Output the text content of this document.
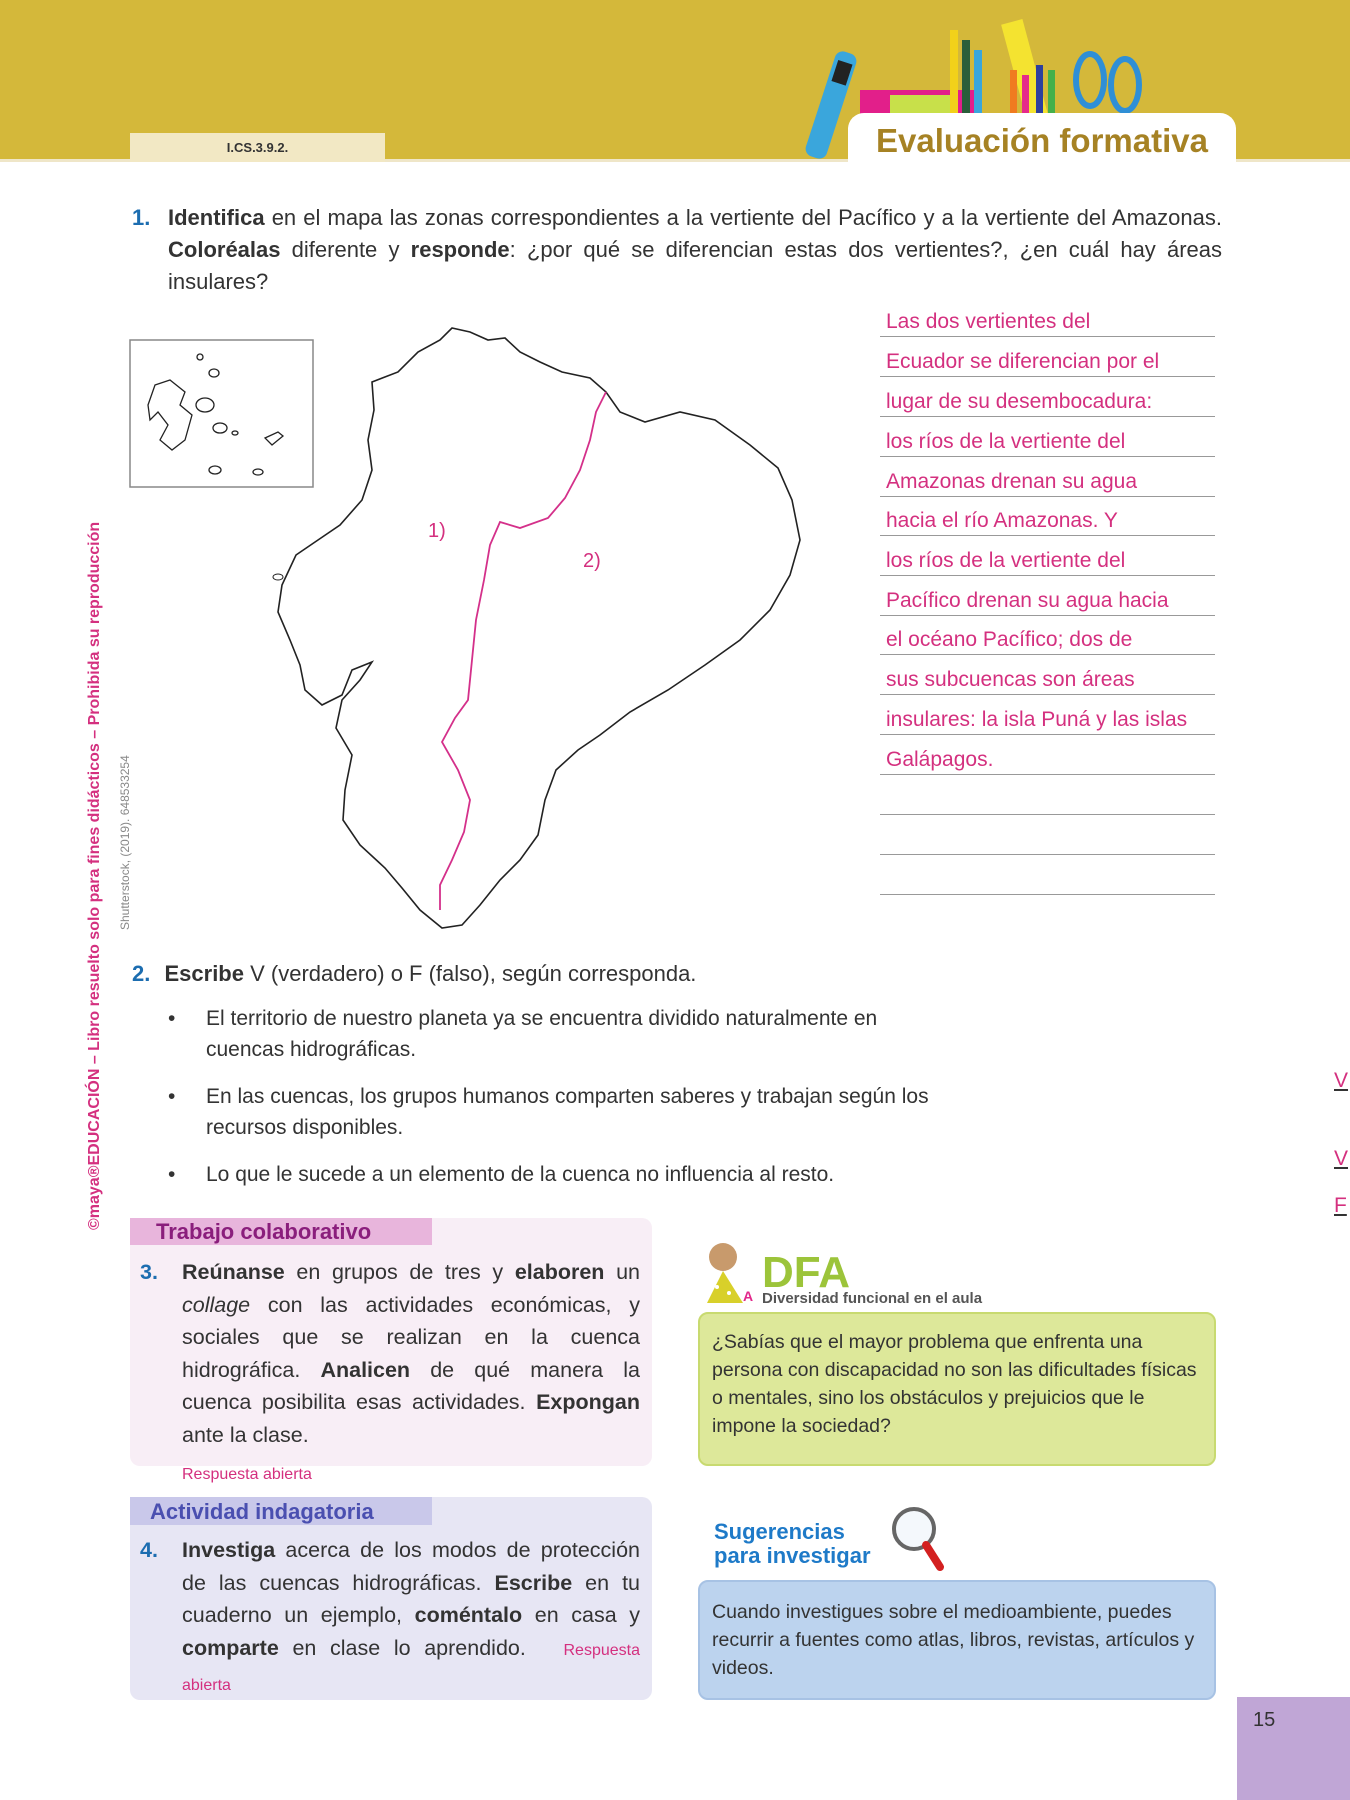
I.CS.3.9.2.	Evaluación formativa
©maya®EDUCACIÓN – Libro resuelto solo para fines didácticos – Prohibida su reproducción Shutterstock, (2019). 648533254
1. Identifica en el mapa las zonas correspondientes a la vertiente del Pacífico y a la vertiente del Amazonas. Coloréalas diferente y responde: ¿por qué se diferencian estas dos vertientes?, ¿en cuál hay áreas insulares?
1)
2)
Las dos vertientes del
Ecuador se diferencian por el
lugar de su desembocadura:
los ríos de la vertiente del
Amazonas drenan su agua
hacia el río Amazonas. Y
los ríos de la vertiente del
Pacífico drenan su agua hacia
el océano Pacífico; dos de
sus subcuencas son áreas
insulares: la isla Puná y las islas
Galápagos.
2. Escribe V (verdadero) o F (falso), según corresponda.
• El territorio de nuestro planeta ya se encuentra dividido naturalmente en cuencas hidrográficas.
V
• En las cuencas, los grupos humanos comparten saberes y trabajan según los recursos disponibles.
V
• Lo que le sucede a un elemento de la cuenca no influencia al resto.
F
Trabajo colaborativo
3.	Reúnanse en grupos de tres y elaboren un collage con las actividades económicas, y sociales que se realizan en la cuenca hidrográfica. Analicen de qué manera la cuenca posibilita esas actividades. Expongan ante la clase.
Respuesta abierta
Actividad indagatoria
4.	Investiga acerca de los modos de protección de las cuencas hidrográficas. Escribe en tu cuaderno un ejemplo, coméntalo en casa y comparte en clase lo aprendido. Respuesta abierta
A DFA
Diversidad funcional en el aula
¿Sabías que el mayor problema que enfrenta una persona con discapacidad no son las dificultades físicas o mentales, sino los obstáculos y prejuicios que le impone la sociedad?
Sugerencias
para investigar
Cuando investigues sobre el medioambiente, puedes recurrir a fuentes como atlas, libros, revistas, artículos y videos.
15
